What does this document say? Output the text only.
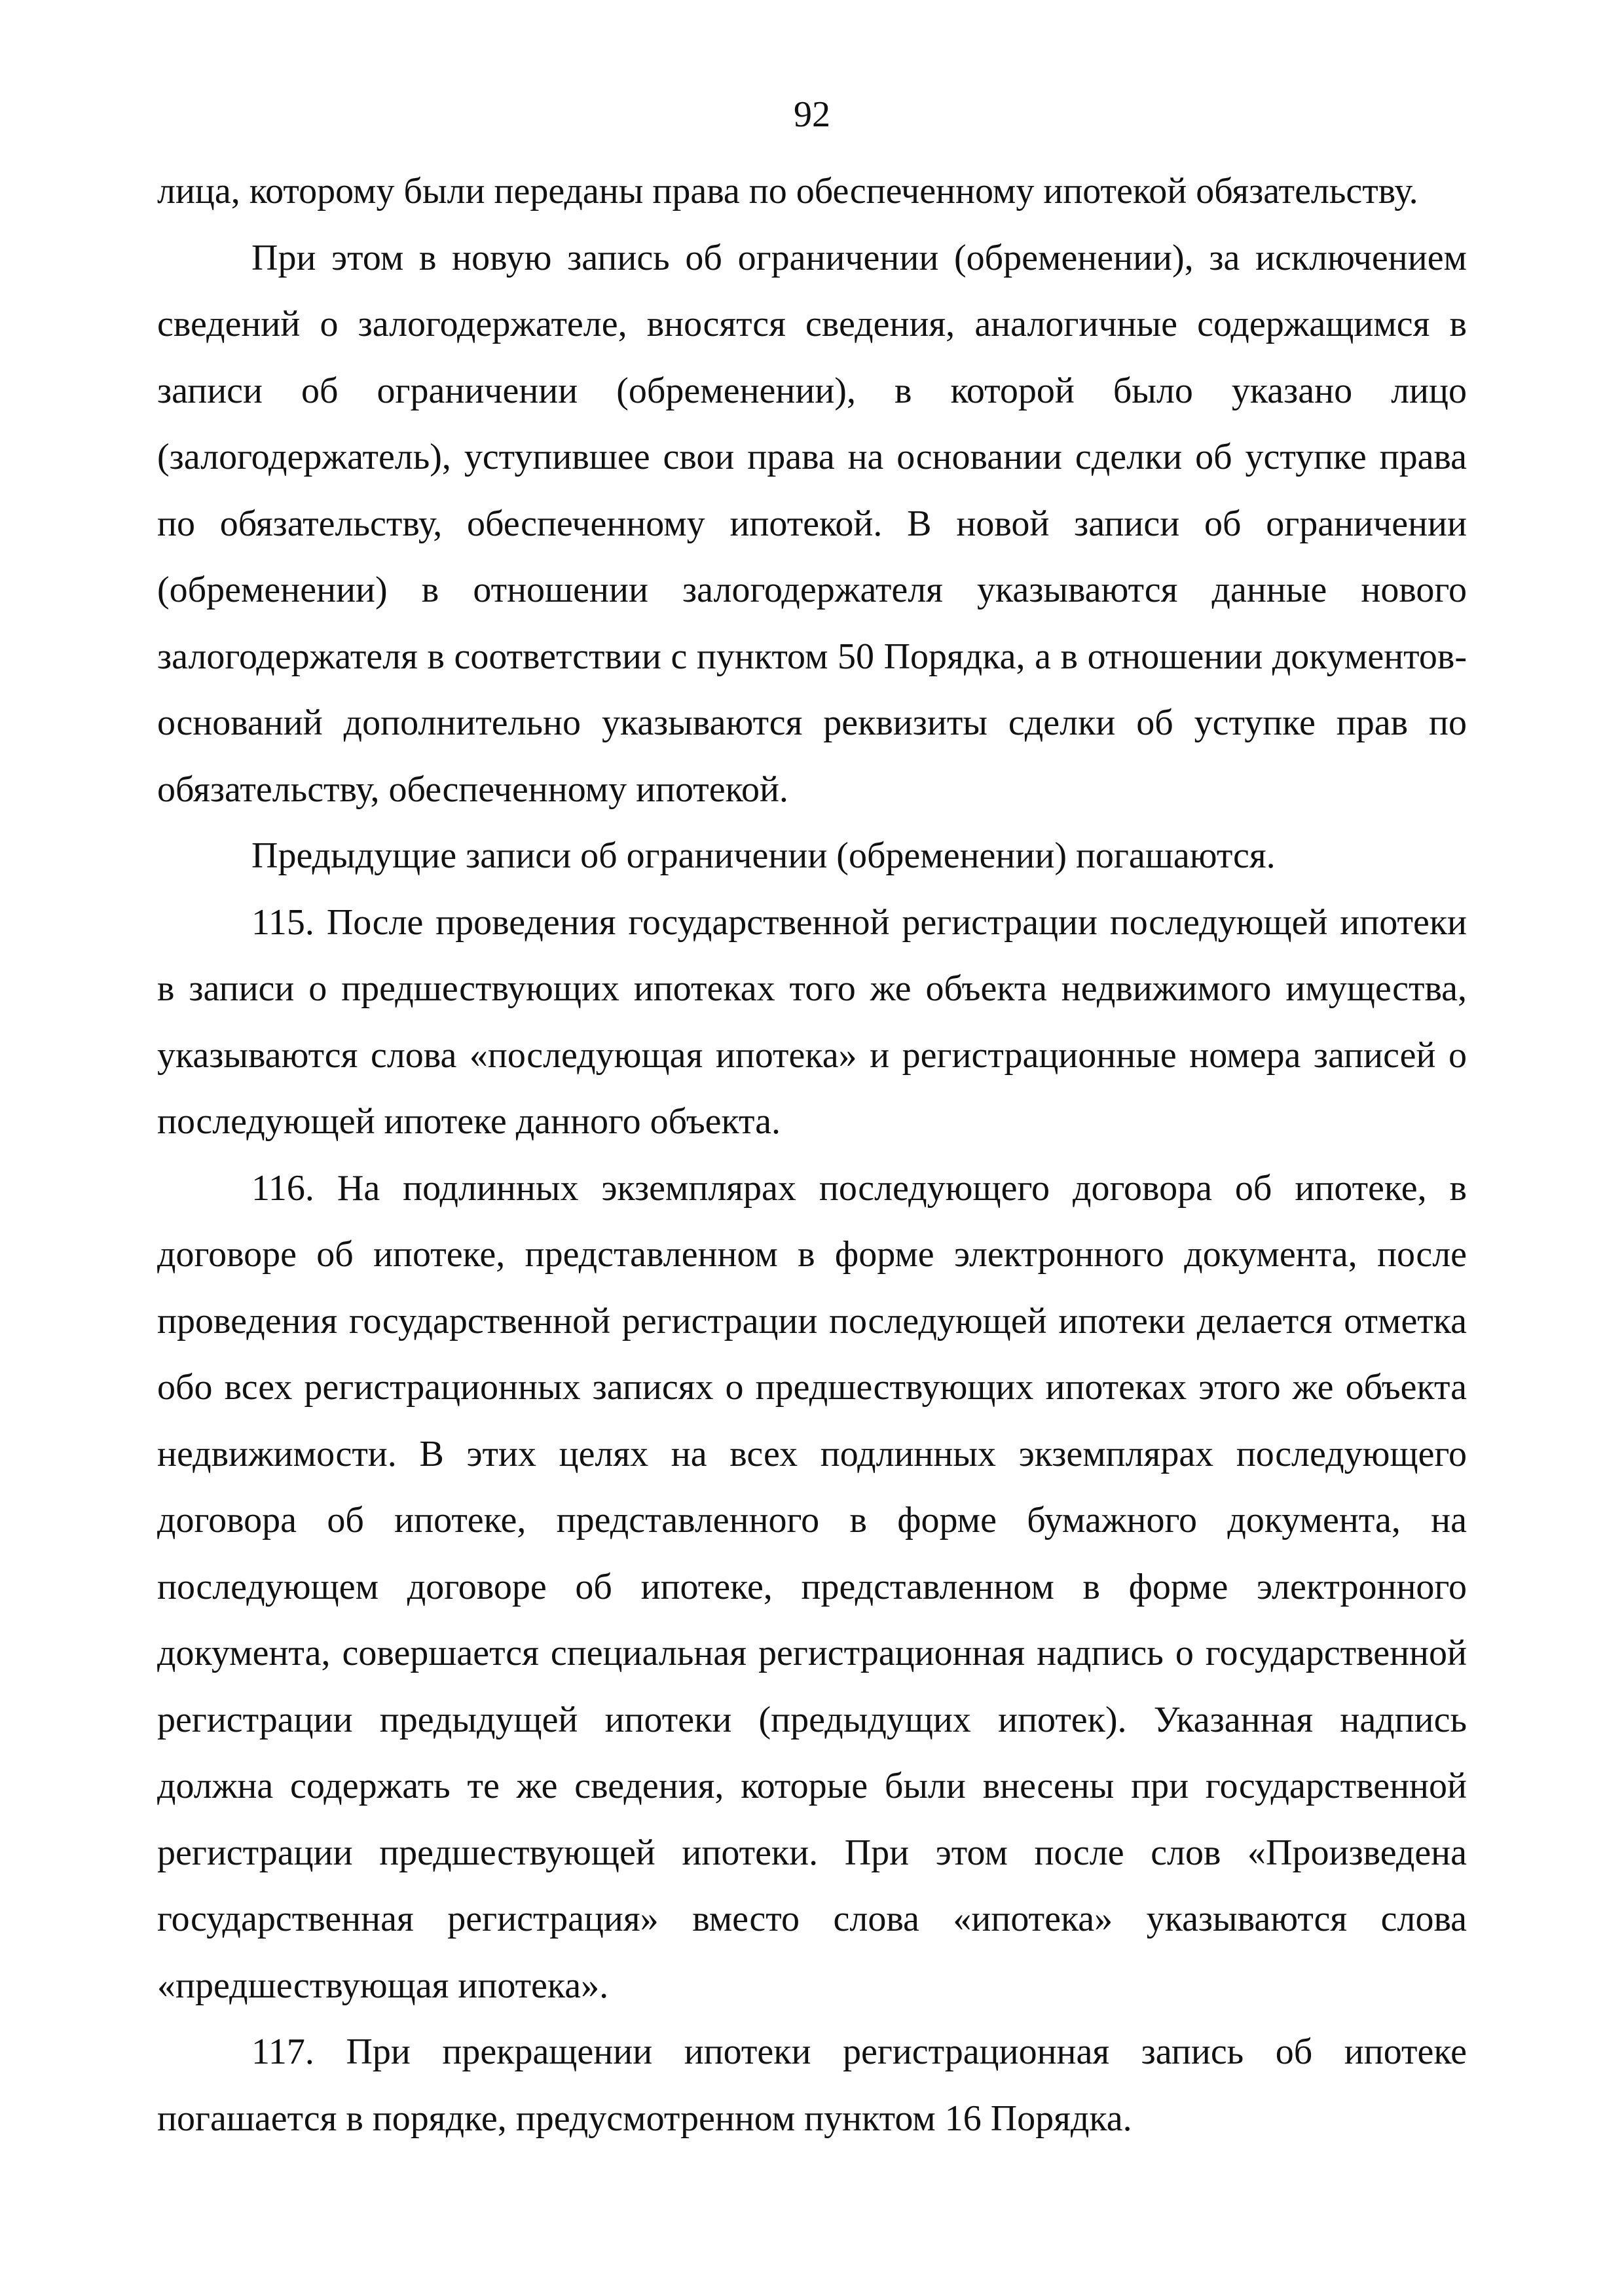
92

лица, которому были переданы права по обеспеченному ипотекой обязательству.

При этом в новую запись об ограничении (обременении), за исключением сведений о залогодержателе, вносятся сведения, аналогичные содержащимся в записи об ограничении (обременении), в которой было указано лицо (залогодержатель), уступившее свои права на основании сделки об уступке права по обязательству, обеспеченному ипотекой. В новой записи об ограничении (обременении) в отношении залогодержателя указываются данные нового залогодержателя в соответствии с пунктом 50 Порядка, а в отношении документов-оснований дополнительно указываются реквизиты сделки об уступке прав по обязательству, обеспеченному ипотекой.

Предыдущие записи об ограничении (обременении) погашаются.

115. После проведения государственной регистрации последующей ипотеки в записи о предшествующих ипотеках того же объекта недвижимого имущества, указываются слова «последующая ипотека» и регистрационные номера записей о последующей ипотеке данного объекта.

116. На подлинных экземплярах последующего договора об ипотеке, в договоре об ипотеке, представленном в форме электронного документа, после проведения государственной регистрации последующей ипотеки делается отметка обо всех регистрационных записях о предшествующих ипотеках этого же объекта недвижимости. В этих целях на всех подлинных экземплярах последующего договора об ипотеке, представленного в форме бумажного документа, на последующем договоре об ипотеке, представленном в форме электронного документа, совершается специальная регистрационная надпись о государственной регистрации предыдущей ипотеки (предыдущих ипотек). Указанная надпись должна содержать те же сведения, которые были внесены при государственной регистрации предшествующей ипотеки. При этом после слов «Произведена государственная регистрация» вместо слова «ипотека» указываются слова «предшествующая ипотека».

117. При прекращении ипотеки регистрационная запись об ипотеке погашается в порядке, предусмотренном пунктом 16 Порядка.
